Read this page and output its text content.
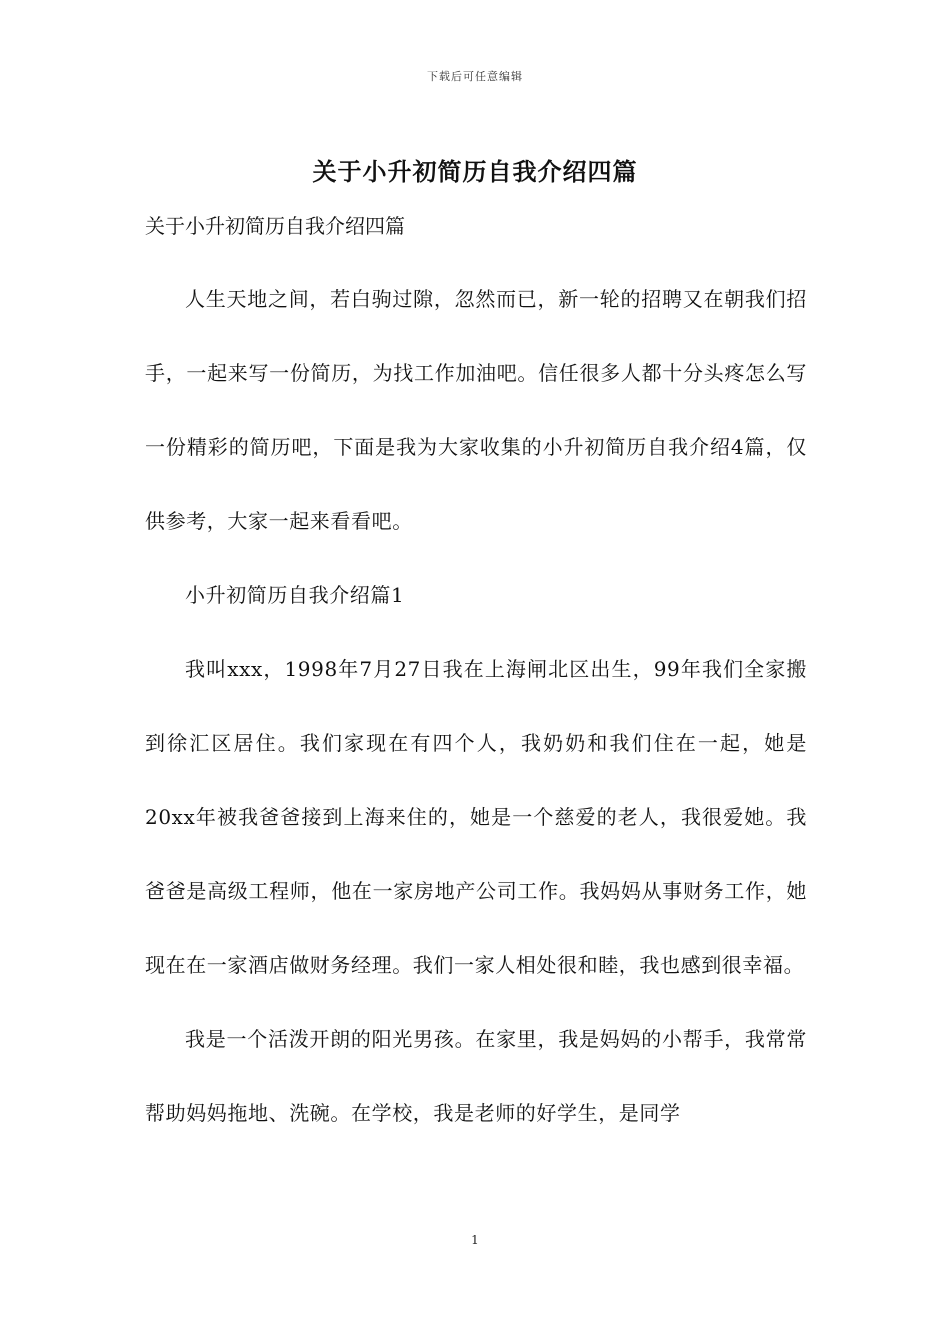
下载后可任意编辑
关于小升初简历自我介绍四篇

关于小升初简历自我介绍四篇

人生天地之间，若白驹过隙，忽然而已，新一轮的招聘又在朝我们招手，一起来写一份简历，为找工作加油吧。信任很多人都十分头疼怎么写一份精彩的简历吧，下面是我为大家收集的小升初简历自我介绍4篇，仅供参考，大家一起来看看吧。

小升初简历自我介绍篇1

我叫xxx，1998年7月27日我在上海闸北区出生，99年我们全家搬到徐汇区居住。我们家现在有四个人，我奶奶和我们住在一起，她是20xx年被我爸爸接到上海来住的，她是一个慈爱的老人，我很爱她。我爸爸是高级工程师，他在一家房地产公司工作。我妈妈从事财务工作，她现在在一家酒店做财务经理。我们一家人相处很和睦，我也感到很幸福。

我是一个活泼开朗的阳光男孩。在家里，我是妈妈的小帮手，我常常帮助妈妈拖地、洗碗。在学校，我是老师的好学生，是同学

1
